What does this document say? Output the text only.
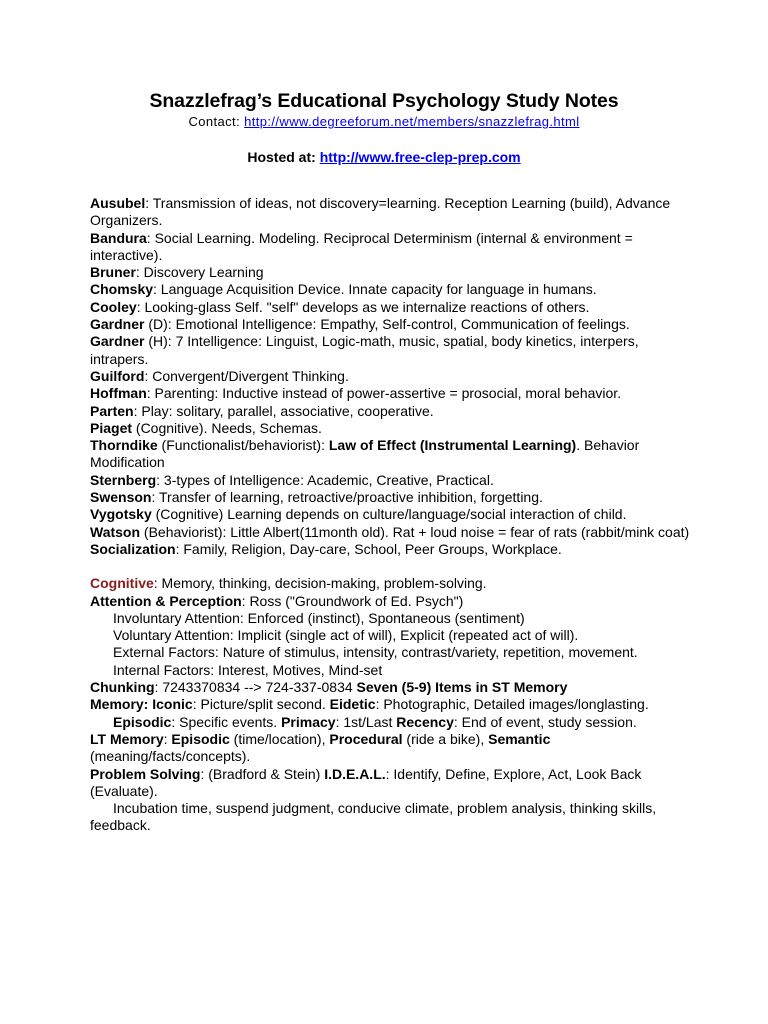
Snazzlefrag’s Educational Psychology Study Notes
Contact: http://www.degreeforum.net/members/snazzlefrag.html
Hosted at: http://www.free-clep-prep.com

Ausubel: Transmission of ideas, not discovery=learning. Reception Learning (build), Advance Organizers.

Bandura: Social Learning. Modeling. Reciprocal Determinism (internal & environment = interactive).

Bruner: Discovery Learning

Chomsky: Language Acquisition Device. Innate capacity for language in humans.

Cooley: Looking-glass Self. "self" develops as we internalize reactions of others.

Gardner (D): Emotional Intelligence: Empathy, Self-control, Communication of feelings.

Gardner (H): 7 Intelligence: Linguist, Logic-math, music, spatial, body kinetics, interpers, intrapers.

Guilford: Convergent/Divergent Thinking.

Hoffman: Parenting: Inductive instead of power-assertive = prosocial, moral behavior.

Parten: Play: solitary, parallel, associative, cooperative.

Piaget (Cognitive). Needs, Schemas.

Thorndike (Functionalist/behaviorist): Law of Effect (Instrumental Learning). Behavior Modification

Sternberg: 3-types of Intelligence: Academic, Creative, Practical.

Swenson: Transfer of learning, retroactive/proactive inhibition, forgetting.

Vygotsky (Cognitive) Learning depends on culture/language/social interaction of child.

Watson (Behaviorist): Little Albert(11month old). Rat + loud noise = fear of rats (rabbit/mink coat)

Socialization: Family, Religion, Day-care, School, Peer Groups, Workplace.

Cognitive: Memory, thinking, decision-making, problem-solving.

Attention & Perception: Ross ("Groundwork of Ed. Psych")

Involuntary Attention: Enforced (instinct), Spontaneous (sentiment)

Voluntary Attention: Implicit (single act of will), Explicit (repeated act of will).

External Factors: Nature of stimulus, intensity, contrast/variety, repetition, movement.

Internal Factors: Interest, Motives, Mind-set

Chunking: 7243370834 --> 724-337-0834 Seven (5-9) Items in ST Memory

Memory: Iconic: Picture/split second. Eidetic: Photographic, Detailed images/longlasting.

Episodic: Specific events. Primacy: 1st/Last Recency: End of event, study session.

LT Memory: Episodic (time/location), Procedural (ride a bike), Semantic (meaning/facts/concepts).

Problem Solving: (Bradford & Stein) I.D.E.A.L.: Identify, Define, Explore, Act, Look Back (Evaluate).

Incubation time, suspend judgment, conducive climate, problem analysis, thinking skills, feedback.
